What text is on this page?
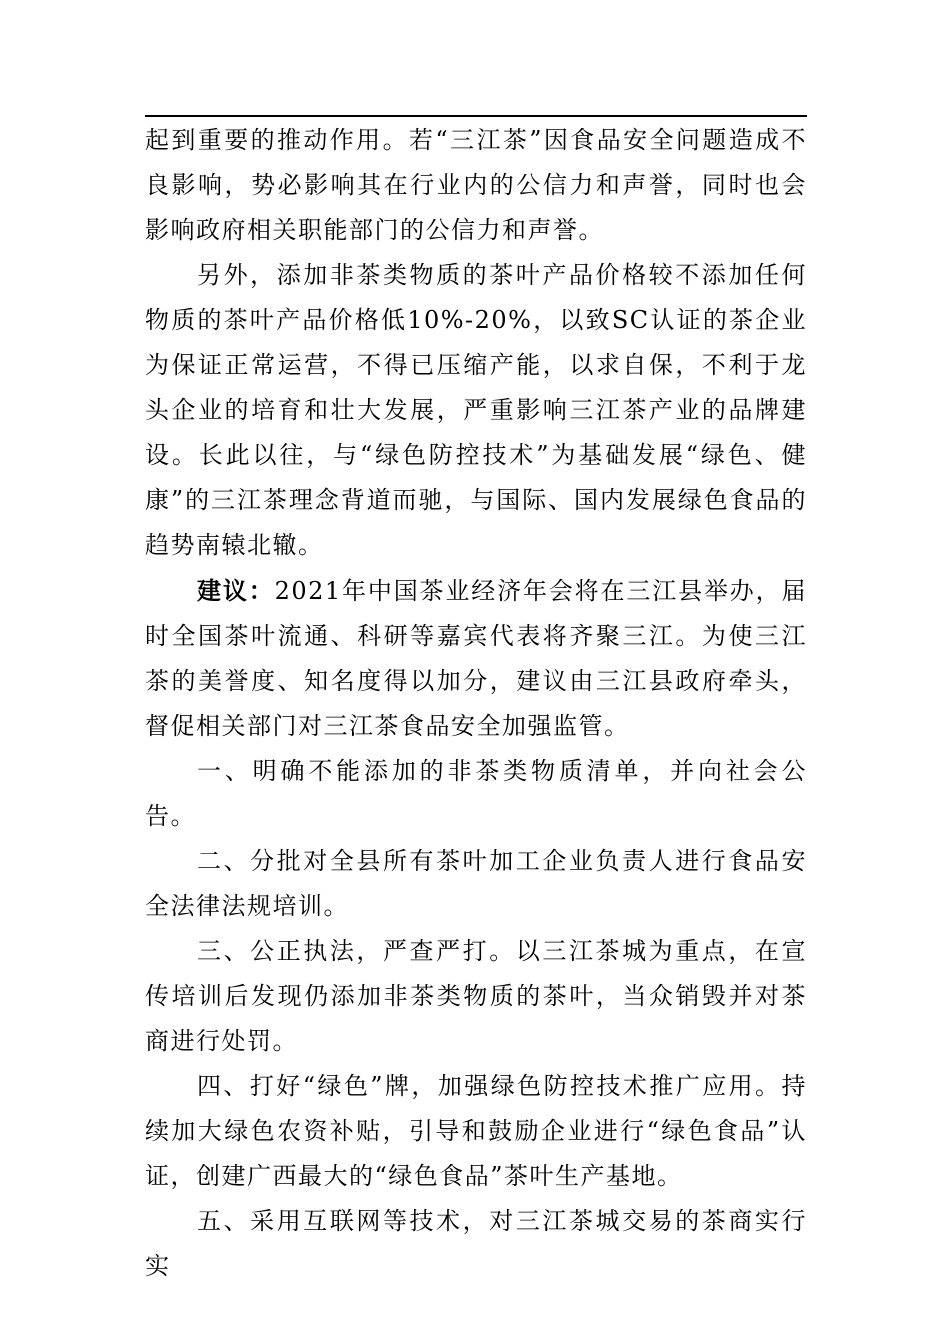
起到重要的推动作用。若“三江茶”因食品安全问题造成不良影响，势必影响其在行业内的公信力和声誉，同时也会影响政府相关职能部门的公信力和声誉。

另外，添加非茶类物质的茶叶产品价格较不添加任何物质的茶叶产品价格低10%-20%，以致SC认证的茶企业为保证正常运营，不得已压缩产能，以求自保，不利于龙头企业的培育和壮大发展，严重影响三江茶产业的品牌建设。长此以往，与“绿色防控技术”为基础发展“绿色、健康”的三江茶理念背道而驰，与国际、国内发展绿色食品的趋势南辕北辙。

建议：2021年中国茶业经济年会将在三江县举办，届时全国茶叶流通、科研等嘉宾代表将齐聚三江。为使三江茶的美誉度、知名度得以加分，建议由三江县政府牵头，督促相关部门对三江茶食品安全加强监管。

一、明确不能添加的非茶类物质清单，并向社会公告。

二、分批对全县所有茶叶加工企业负责人进行食品安全法律法规培训。

三、公正执法，严查严打。以三江茶城为重点，在宣传培训后发现仍添加非茶类物质的茶叶，当众销毁并对茶商进行处罚。

四、打好“绿色”牌，加强绿色防控技术推广应用。持续加大绿色农资补贴，引导和鼓励企业进行“绿色食品”认证，创建广西最大的“绿色食品”茶叶生产基地。

五、采用互联网等技术，对三江茶城交易的茶商实行实
